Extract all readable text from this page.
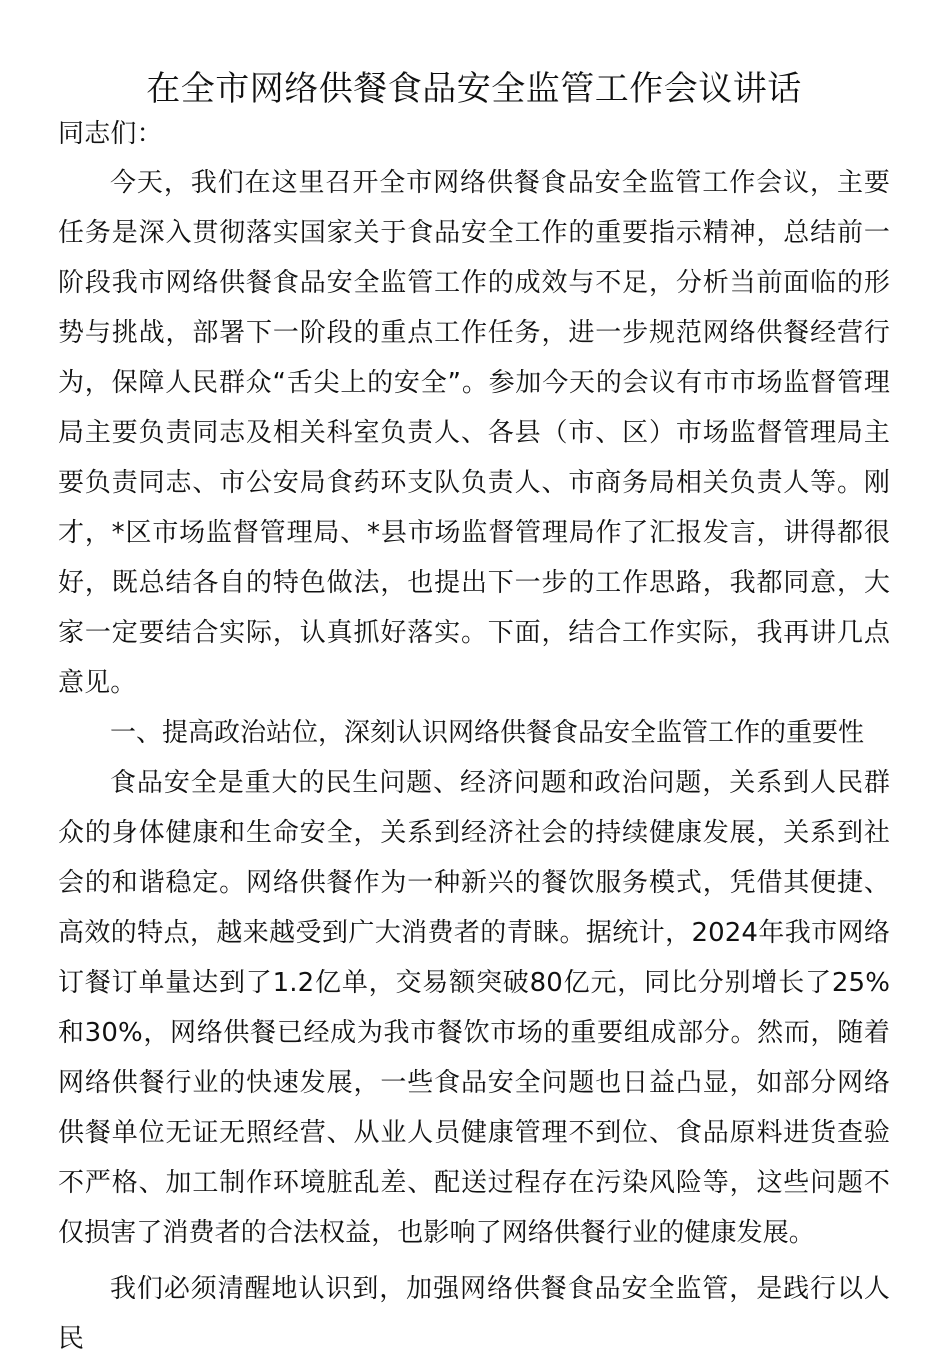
在全市网络供餐食品安全监管工作会议讲话

同志们：

今天，我们在这里召开全市网络供餐食品安全监管工作会议，主要任务是深入贯彻落实国家关于食品安全工作的重要指示精神，总结前一阶段我市网络供餐食品安全监管工作的成效与不足，分析当前面临的形势与挑战，部署下一阶段的重点工作任务，进一步规范网络供餐经营行为，保障人民群众“舌尖上的安全”。参加今天的会议有市市场监督管理局主要负责同志及相关科室负责人、各县（市、区）市场监督管理局主要负责同志、市公安局食药环支队负责人、市商务局相关负责人等。刚才，*区市场监督管理局、*县市场监督管理局作了汇报发言，讲得都很好，既总结各自的特色做法，也提出下一步的工作思路，我都同意，大家一定要结合实际，认真抓好落实。下面，结合工作实际，我再讲几点意见。

一、提高政治站位，深刻认识网络供餐食品安全监管工作的重要性

食品安全是重大的民生问题、经济问题和政治问题，关系到人民群众的身体健康和生命安全，关系到经济社会的持续健康发展，关系到社会的和谐稳定。网络供餐作为一种新兴的餐饮服务模式，凭借其便捷、高效的特点，越来越受到广大消费者的青睐。据统计，2024年我市网络订餐订单量达到了1.2亿单，交易额突破80亿元，同比分别增长了25%和30%，网络供餐已经成为我市餐饮市场的重要组成部分。然而，随着网络供餐行业的快速发展，一些食品安全问题也日益凸显，如部分网络供餐单位无证无照经营、从业人员健康管理不到位、食品原料进货查验不严格、加工制作环境脏乱差、配送过程存在污染风险等，这些问题不仅损害了消费者的合法权益，也影响了网络供餐行业的健康发展。

我们必须清醒地认识到，加强网络供餐食品安全监管，是践行以人民
